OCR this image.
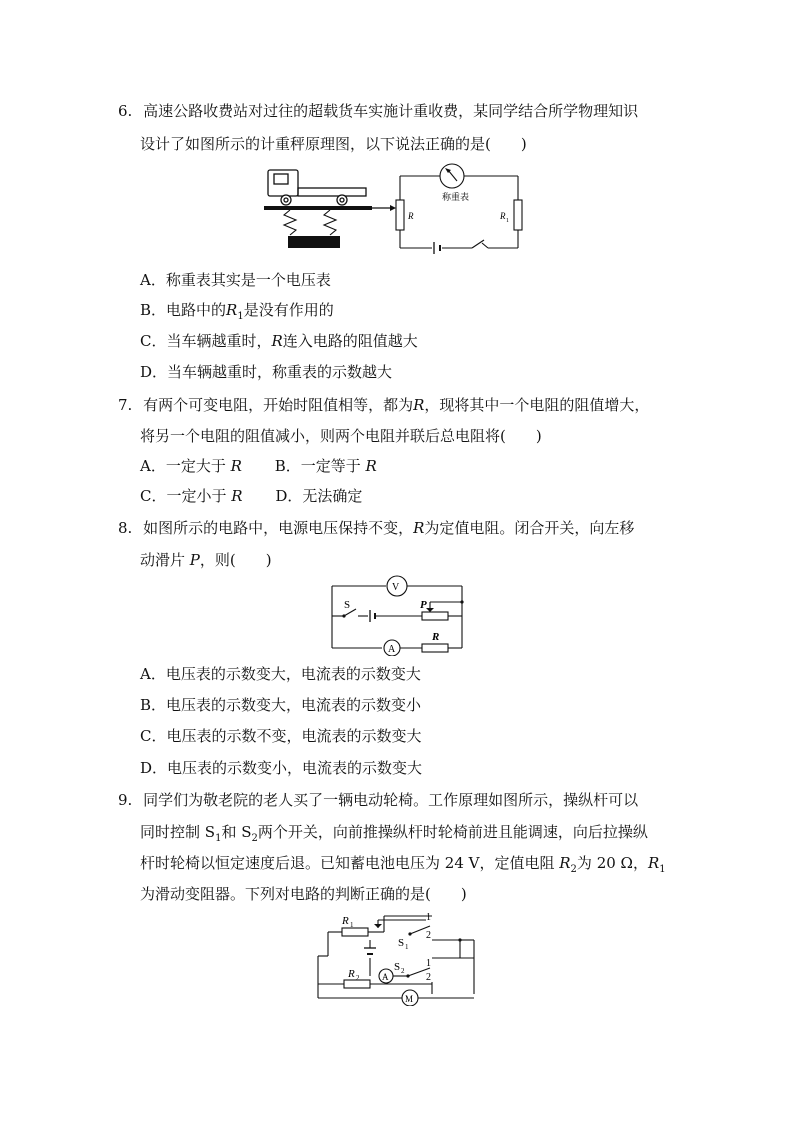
6. 高速公路收费站对过往的超载货车实施计重收费，某同学结合所学物理知识
设计了如图所示的计重秤原理图，以下说法正确的是(　　)
称重表
R	R 1
A．称重表其实是一个电压表
B．电路中的$R_1$是没有作用的
C．当车辆越重时，R连入电路的阻值越大
D．当车辆越重时，称重表的示数越大
7. 有两个可变电阻，开始时阻值相等，都为R，现将其中一个电阻的阻值增大，
将另一个电阻的阻值减小，则两个电阻并联后总电阻将(　　)
A．一定大于 R B．一定等于 R
C．一定小于 R D．无法确定
8. 如图所示的电路中，电源电压保持不变，R为定值电阻。闭合开关，向左移
动滑片 P，则(　　)
V
S	P
A
R
A．电压表的示数变大，电流表的示数变大
B．电压表的示数变大，电流表的示数变小
C．电压表的示数不变，电流表的示数变大
D．电压表的示数变小，电流表的示数变大
9. 同学们为敬老院的老人买了一辆电动轮椅。工作原理如图所示，操纵杆可以
同时控制 $S_1$和 $S_2$两个开关，向前推操纵杆时轮椅前进且能调速，向后拉操纵
杆时轮椅以恒定速度后退。已知蓄电池电压为 24 V，定值电阻 $R_2$为 20 Ω，$R_1$
为滑动变阻器。下列对电路的判断正确的是(　　)
R 1
1
S 1
2
1
S 2
2
R 2	A
M
